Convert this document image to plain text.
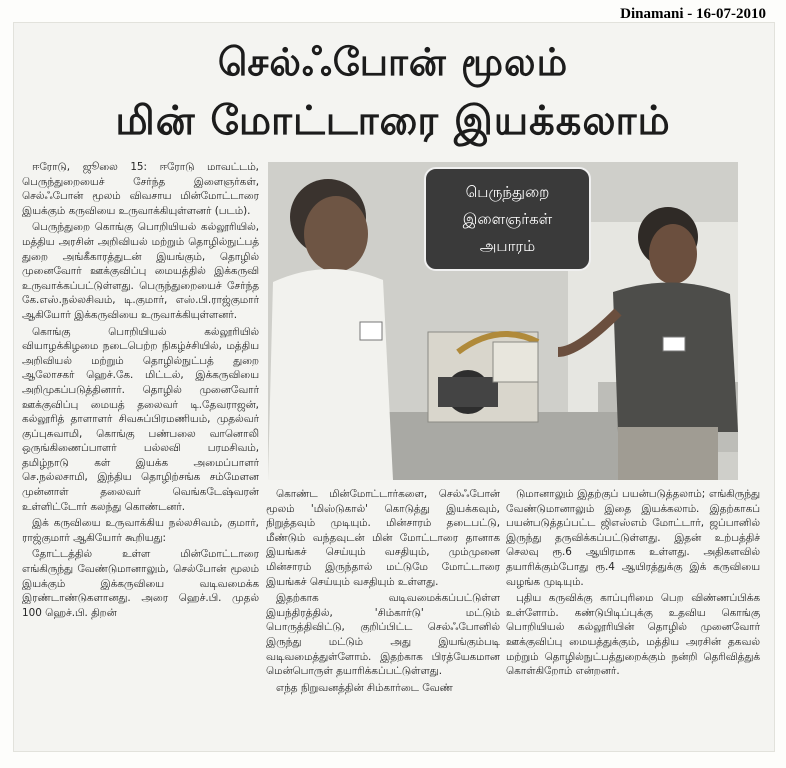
Dinamani - 16-07-2010
செல்ஃபோன் மூலம்
மின் மோட்டாரை இயக்கலாம்
பெருந்துறை
இளைஞர்கள்
அபாரம்

ஈரோடு, ஜூலை 15: ஈரோடு மாவட்டம், பெருந்துறையைச் சேர்ந்த இளைஞர்கள், செல்ஃபோன் மூலம் விவசாய மின்மோட்டாரை இயக்கும் கருவியை உருவாக்கியுள்ளனர் (படம்).

பெருந்துறை கொங்கு பொறியியல் கல்லூரியில், மத்திய அரசின் அறிவியல் மற்றும் தொழில்நுட்பத் துறை அங்கீகாரத்துடன் இயங்கும், தொழில் முனைவோர் ஊக்குவிப்பு மையத்தில் இக்கருவி உருவாக்கப்பட்டுள்ளது. பெருந்துறையைச் சேர்ந்த கே.எஸ்.நல்லசிவம், டி.குமார், எஸ்.பி.ராஜ்குமார் ஆகியோர் இக்கருவியை உருவாக்கியுள்ளனர்.

கொங்கு பொறியியல் கல்லூரியில் வியாழக்கிழமை நடைபெற்ற நிகழ்ச்சியில், மத்திய அறிவியல் மற்றும் தொழில்நுட்பத் துறை ஆலோசகர் ஹெச்.கே. மிட்டல், இக்கருவியை அறிமுகப்படுத்தினார். தொழில் முனைவோர் ஊக்குவிப்பு மையத் தலைவர் டி.தேவராஜன், கல்லூரித் தாளாளர் சிவசுப்பிரமணியம், முதல்வர் குப்புசுவாமி, கொங்கு பண்பலை வானொலி ஒருங்கிணைப்பாளர் பல்லவி பரமசிவம், தமிழ்நாடு கள் இயக்க அமைப்பாளர் செ.நல்லசாமி, இந்திய தொழிற்சங்க சம்மேளன முன்னாள் தலைவர் வெங்கடேஷ்வரன் உள்ளிட்டோர் கலந்து கொண்டனர்.

இக் கருவியை உருவாக்கிய நல்லசிவம், குமார், ராஜ்குமார் ஆகியோர் கூறியது:

தோட்டத்தில் உள்ள மின்மோட்டாரை எங்கிருந்து வேண்டுமானாலும், செல்போன் மூலம் இயக்கும் இக்கருவியை வடிவமைக்க இரண்டாண்டுகளானது. அரை ஹெச்.பி. முதல் 100 ஹெச்.பி. திறன்

கொண்ட மின்மோட்டார்களை, செல்ஃபோன் மூலம் 'மிஸ்டுகால்' கொடுத்து இயக்கவும், நிறுத்தவும் முடியும். மின்சாரம் தடைபட்டு, மீண்டும் வந்தவுடன் மின் மோட்டாரை தானாக இயங்கச் செய்யும் வசதியும், மும்முனை மின்சாரம் இருந்தால் மட்டுமே மோட்டாரை இயங்கச் செய்யும் வசதியும் உள்ளது.

இதற்காக வடிவமைக்கப்பட்டுள்ள இயந்திரத்தில், 'சிம்கார்டு' மட்டும் பொருத்திவிட்டு, குறிப்பிட்ட செல்ஃபோனில் இருந்து மட்டும் அது இயங்கும்படி வடிவமைத்துள்ளோம். இதற்காக பிரத்யேகமான மென்பொருள் தயாரிக்கப்பட்டுள்ளது.

எந்த நிறுவனத்தின் சிம்கார்டை வேண்

டுமானாலும் இதற்குப் பயன்படுத்தலாம்; எங்கிருந்து வேண்டுமானாலும் இதை இயக்கலாம். இதற்காகப் பயன்படுத்தப்பட்ட ஜிஎஸ்எம் மோட்டார், ஜப்பானில் இருந்து தருவிக்கப்பட்டுள்ளது. இதன் உற்பத்திச் செலவு ரூ.6 ஆயிரமாக உள்ளது. அதிகளவில் தயாரிக்கும்போது ரூ.4 ஆயிரத்துக்கு இக் கருவியை வழங்க முடியும்.

புதிய கருவிக்கு காப்புரிமை பெற விண்ணப்பிக்க உள்ளோம். கண்டுபிடிப்புக்கு உதவிய கொங்கு பொறியியல் கல்லூரியின் தொழில் முனைவோர் ஊக்குவிப்பு மையத்துக்கும், மத்திய அரசின் தகவல் மற்றும் தொழில்நுட்பத்துறைக்கும் நன்றி தெரிவித்துக் கொள்கிறோம் என்றனர்.
